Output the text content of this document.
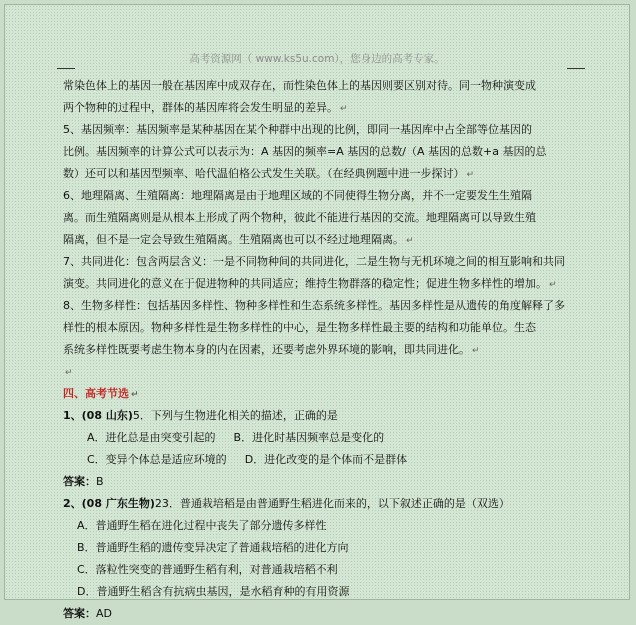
高考资源网（ www.ks5u.com），您身边的高考专家。
常染色体上的基因一般在基因库中成双存在，而性染色体上的基因则要区别对待。同一物种演变成
两个物种的过程中，群体的基因库将会发生明显的差异。 ↵
5、基因频率：基因频率是某种基因在某个种群中出现的比例，即同一基因库中占全部等位基因的
比例。基因频率的计算公式可以表示为：A 基因的频率=A 基因的总数/（A 基因的总数+a 基因的总
数）还可以和基因型频率、哈代温伯格公式发生关联。（在经典例题中进一步探讨） ↵
6、地理隔离、生殖隔离：地理隔离是由于地理区域的不同使得生物分离，并不一定要发生生殖隔
离。而生殖隔离则是从根本上形成了两个物种，彼此不能进行基因的交流。地理隔离可以导致生殖
隔离，但不是一定会导致生殖隔离。生殖隔离也可以不经过地理隔离。 ↵
7、共同进化：包含两层含义：一是不同物种间的共同进化，二是生物与无机环境之间的相互影响和共同
演变。共同进化的意义在于促进物种的共同适应；维持生物群落的稳定性；促进生物多样性的增加。 ↵
8、生物多样性：包括基因多样性、物种多样性和生态系统多样性。基因多样性是从遗传的角度解释了多
样性的根本原因。物种多样性是生物多样性的中心，是生物多样性最主要的结构和功能单位。生态
系统多样性既要考虑生物本身的内在因素，还要考虑外界环境的影响，即共同进化。 ↵
↵
四、高考节选 ↵
1、(08 山东)5．下列与生物进化相关的描述，正确的是
A．进化总是由突变引起的 B．进化时基因频率总是变化的
C．变异个体总是适应环境的 D．进化改变的是个体而不是群体
答案：B
2、(08 广东生物)23．普通栽培稻是由普通野生稻进化而来的，以下叙述正确的是（双选）
A．普通野生稻在进化过程中丧失了部分遗传多样性
B．普通野生稻的遗传变异决定了普通栽培稻的进化方向
C．落粒性突变的普通野生稻有利，对普通栽培稻不利
D．普通野生稻含有抗病虫基因，是水稻育种的有用资源
答案：AD
